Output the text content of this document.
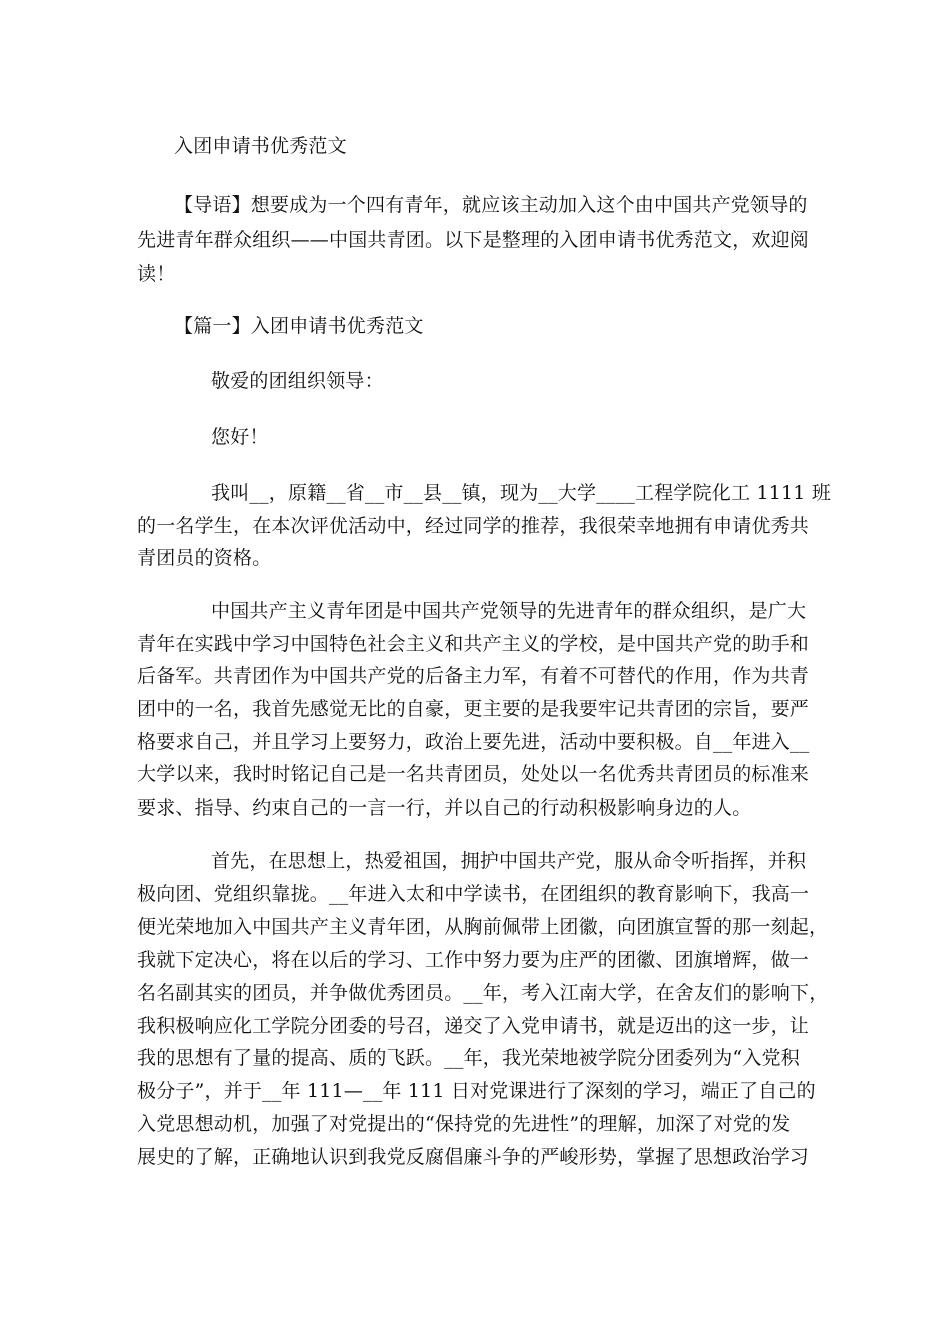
入团申请书优秀范文
【导语】想要成为一个四有青年，就应该主动加入这个由中国共产党领导的
先进青年群众组织——中国共青团。以下是整理的入团申请书优秀范文，欢迎阅
读！
【篇一】入团申请书优秀范文
敬爱的团组织领导：
您好！
我叫__，原籍__省__市__县__镇，现为__大学____工程学院化工 1111 班
的一名学生，在本次评优活动中，经过同学的推荐，我很荣幸地拥有申请优秀共
青团员的资格。
中国共产主义青年团是中国共产党领导的先进青年的群众组织，是广大
青年在实践中学习中国特色社会主义和共产主义的学校，是中国共产党的助手和
后备军。共青团作为中国共产党的后备主力军，有着不可替代的作用，作为共青
团中的一名，我首先感觉无比的自豪，更主要的是我要牢记共青团的宗旨，要严
格要求自己，并且学习上要努力，政治上要先进，活动中要积极。自__年进入__
大学以来，我时时铭记自己是一名共青团员，处处以一名优秀共青团员的标准来
要求、指导、约束自己的一言一行，并以自己的行动积极影响身边的人。
首先，在思想上，热爱祖国，拥护中国共产党，服从命令听指挥，并积
极向团、党组织靠拢。__年进入太和中学读书，在团组织的教育影响下，我高一
便光荣地加入中国共产主义青年团，从胸前佩带上团徽，向团旗宣誓的那一刻起，
我就下定决心，将在以后的学习、工作中努力要为庄严的团徽、团旗增辉，做一
名名副其实的团员，并争做优秀团员。__年，考入江南大学，在舍友们的影响下，
我积极响应化工学院分团委的号召，递交了入党申请书，就是迈出的这一步，让
我的思想有了量的提高、质的飞跃。__年，我光荣地被学院分团委列为“入党积
极分子”，并于__年 111—__年 111 日对党课进行了深刻的学习，端正了自己的
入党思想动机，加强了对党提出的“保持党的先进性”的理解，加深了对党的发
展史的了解，正确地认识到我党反腐倡廉斗争的严峻形势，掌握了思想政治学习
